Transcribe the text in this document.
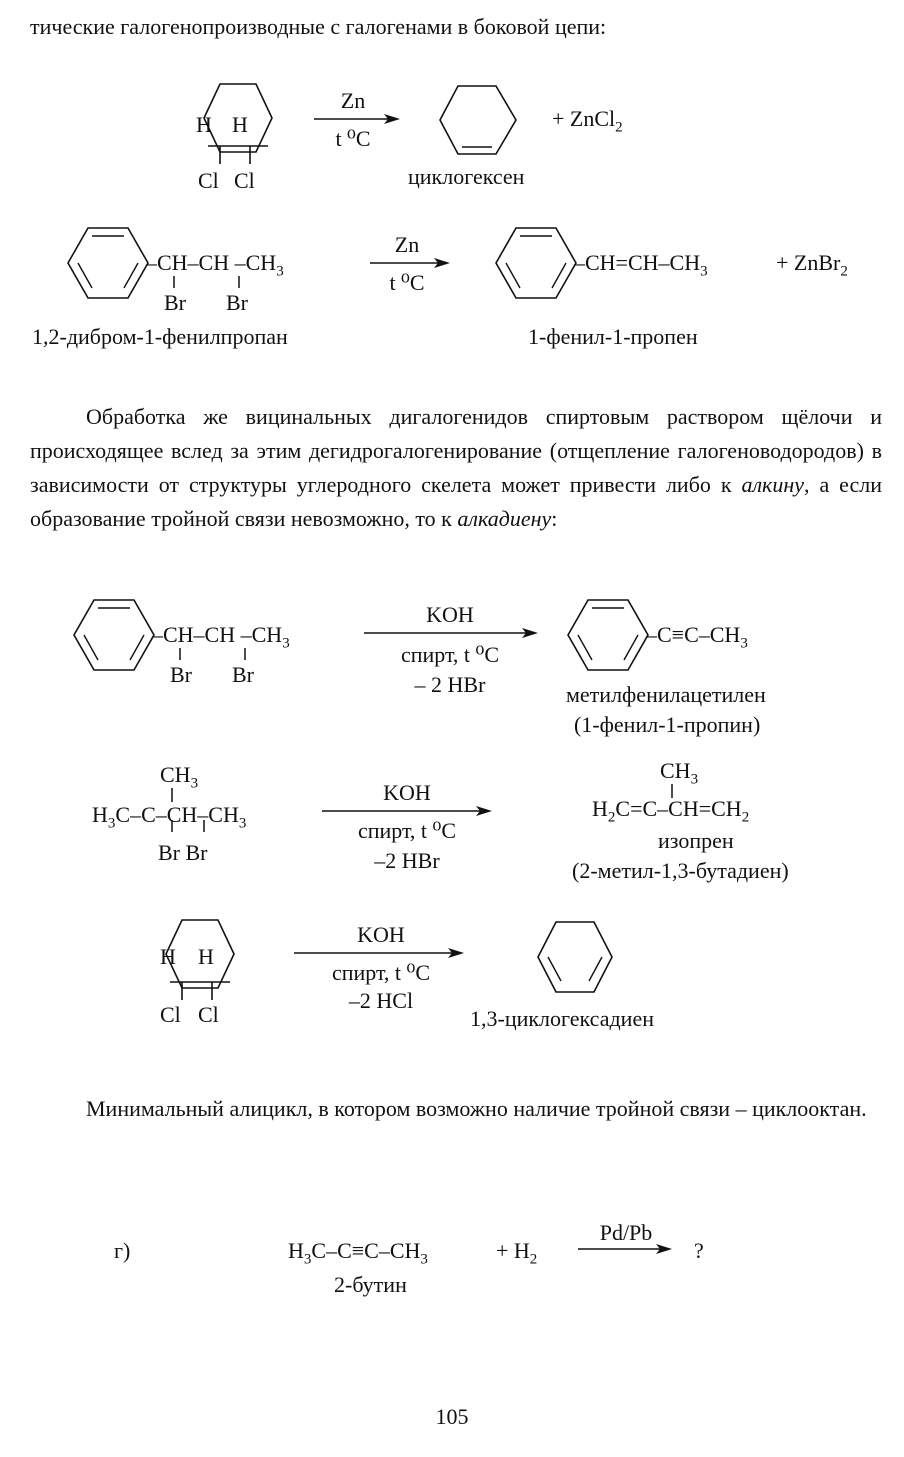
тические галогенопроизводные с галогенами в боковой цепи:
H H
Cl Cl
Zn
t ⁰C
+ ZnCl$_2$
циклогексен
–CH–CH $-CH_3$
Br Br
Zn
t ⁰C
$-CH=CH-CH_3$	+ ZnBr$_2$
1,2-дибром-1-фенилпропан	1-фенил-1-пропен
Обработка же вицинальных дигалогенидов спиртовым раствором щёлочи и происходящее вслед за этим дегидрогалогенирование (отщепление галогеноводородов) в зависимости от структуры углеродного скелета может привести либо к алкину, а если образование тройной связи невозможно, то к алкадиену:
–CH–CH $-CH_3$
Br Br
KOH
спирт, t ⁰C
– 2 HBr
$-C\equiv C-CH_3$
метилфенилацетилен
(1-фенил-1-пропин)
$CH_3$
$H_3C-C-CH-CH_3$
Br Br
KOH
спирт, t ⁰C
–2 HBr
$CH_3$
$H_2C=C-CH=CH_2$
изопрен
(2-метил-1,3-бутадиен)
H H
Cl Cl
KOH
спирт, t ⁰C
–2 HCl
1,3-циклогексадиен
Минимальный алицикл, в котором возможно наличие тройной связи – циклооктан.
г)	$H_3C-C\equiv C-CH_3$	+ $H_2$
Pd/Pb
?
2-бутин
105
